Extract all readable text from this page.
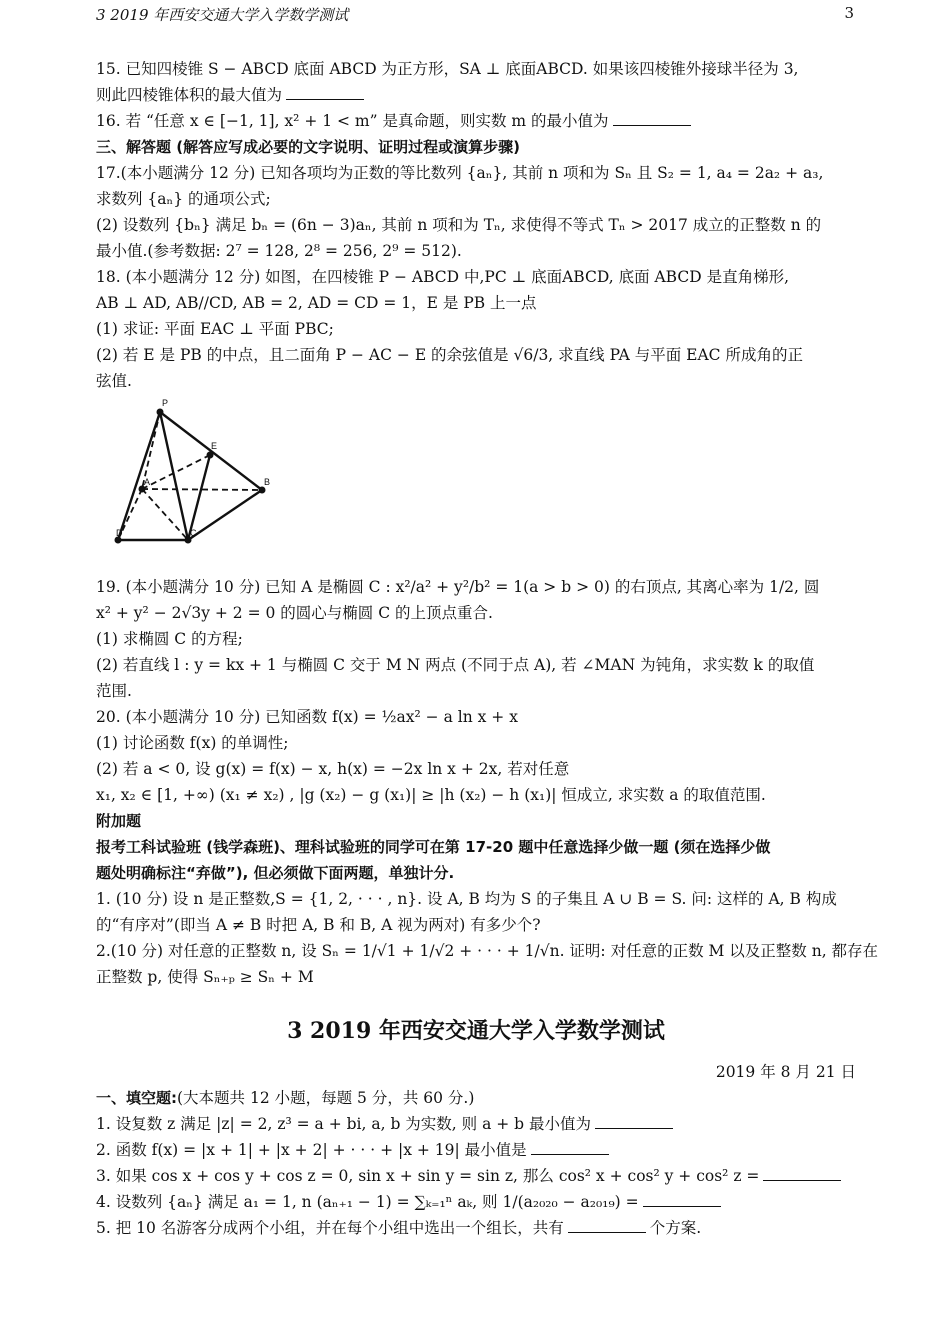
3 2019 年西安交通大学入学数学测试	3
15. 已知四棱锥 S − ABCD 底面 ABCD 为正方形，SA ⊥ 底面ABCD. 如果该四棱锥外接球半径为 3,
则此四棱锥体积的最大值为
16. 若 “任意 x ∈ [−1, 1], x² + 1 < m” 是真命题，则实数 m 的最小值为
三、解答题 (解答应写成必要的文字说明、证明过程或演算步骤)
17.(本小题满分 12 分) 已知各项均为正数的等比数列 {aₙ}, 其前 n 项和为 Sₙ 且 S₂ = 1, a₄ = 2a₂ + a₃,
求数列 {aₙ} 的通项公式;
(2) 设数列 {bₙ} 满足 bₙ = (6n − 3)aₙ, 其前 n 项和为 Tₙ, 求使得不等式 Tₙ > 2017 成立的正整数 n 的
最小值.(参考数据: 2⁷ = 128, 2⁸ = 256, 2⁹ = 512).
18. (本小题满分 12 分) 如图，在四棱锥 P − ABCD 中,PC ⊥ 底面ABCD, 底面 ABCD 是直角梯形,
AB ⊥ AD, AB//CD, AB = 2, AD = CD = 1，E 是 PB 上一点
(1) 求证: 平面 EAC ⊥ 平面 PBC;
(2) 若 E 是 PB 的中点，且二面角 P − AC − E 的余弦值是 √6/3, 求直线 PA 与平面 EAC 所成角的正
弦值.
P
E
A	B
D	C
19. (本小题满分 10 分) 已知 A 是椭圆 C : x²/a² + y²/b² = 1(a > b > 0) 的右顶点, 其离心率为 1/2, 圆
x² + y² − 2√3y + 2 = 0 的圆心与椭圆 C 的上顶点重合.
(1) 求椭圆 C 的方程;
(2) 若直线 l : y = kx + 1 与椭圆 C 交于 M N 两点 (不同于点 A), 若 ∠MAN 为钝角，求实数 k 的取值
范围.
20. (本小题满分 10 分) 已知函数 f(x) = ½ax² − a ln x + x
(1) 讨论函数 f(x) 的单调性;
(2) 若 a < 0, 设 g(x) = f(x) − x, h(x) = −2x ln x + 2x, 若对任意
x₁, x₂ ∈ [1, +∞) (x₁ ≠ x₂) , |g (x₂) − g (x₁)| ≥ |h (x₂) − h (x₁)| 恒成立, 求实数 a 的取值范围.
附加题
报考工科试验班 (钱学森班)、理科试验班的同学可在第 17-20 题中任意选择少做一题 (须在选择少做
题处明确标注“弃做”), 但必须做下面两题，单独计分.
1. (10 分) 设 n 是正整数,S = {1, 2, · · · , n}. 设 A, B 均为 S 的子集且 A ∪ B = S. 问: 这样的 A, B 构成
的“有序对”(即当 A ≠ B 时把 A, B 和 B, A 视为两对) 有多少个?
2.(10 分) 对任意的正整数 n, 设 Sₙ = 1/√1 + 1/√2 + · · · + 1/√n. 证明: 对任意的正数 M 以及正整数 n, 都存在
正整数 p, 使得 Sₙ₊ₚ ≥ Sₙ + M
3 2019 年西安交通大学入学数学测试
2019 年 8 月 21 日
一、填空题:(大本题共 12 小题，每题 5 分，共 60 分.)
1. 设复数 z 满足 |z| = 2, z³ = a + bi, a, b 为实数, 则 a + b 最小值为
2. 函数 f(x) = |x + 1| + |x + 2| + · · · + |x + 19| 最小值是
3. 如果 cos x + cos y + cos z = 0, sin x + sin y = sin z, 那么 cos² x + cos² y + cos² z =
4. 设数列 {aₙ} 满足 a₁ = 1, n (aₙ₊₁ − 1) = ∑ₖ₌₁ⁿ aₖ, 则 1/(a₂₀₂₀ − a₂₀₁₉) =
5. 把 10 名游客分成两个小组，并在每个小组中选出一个组长，共有	个方案.
